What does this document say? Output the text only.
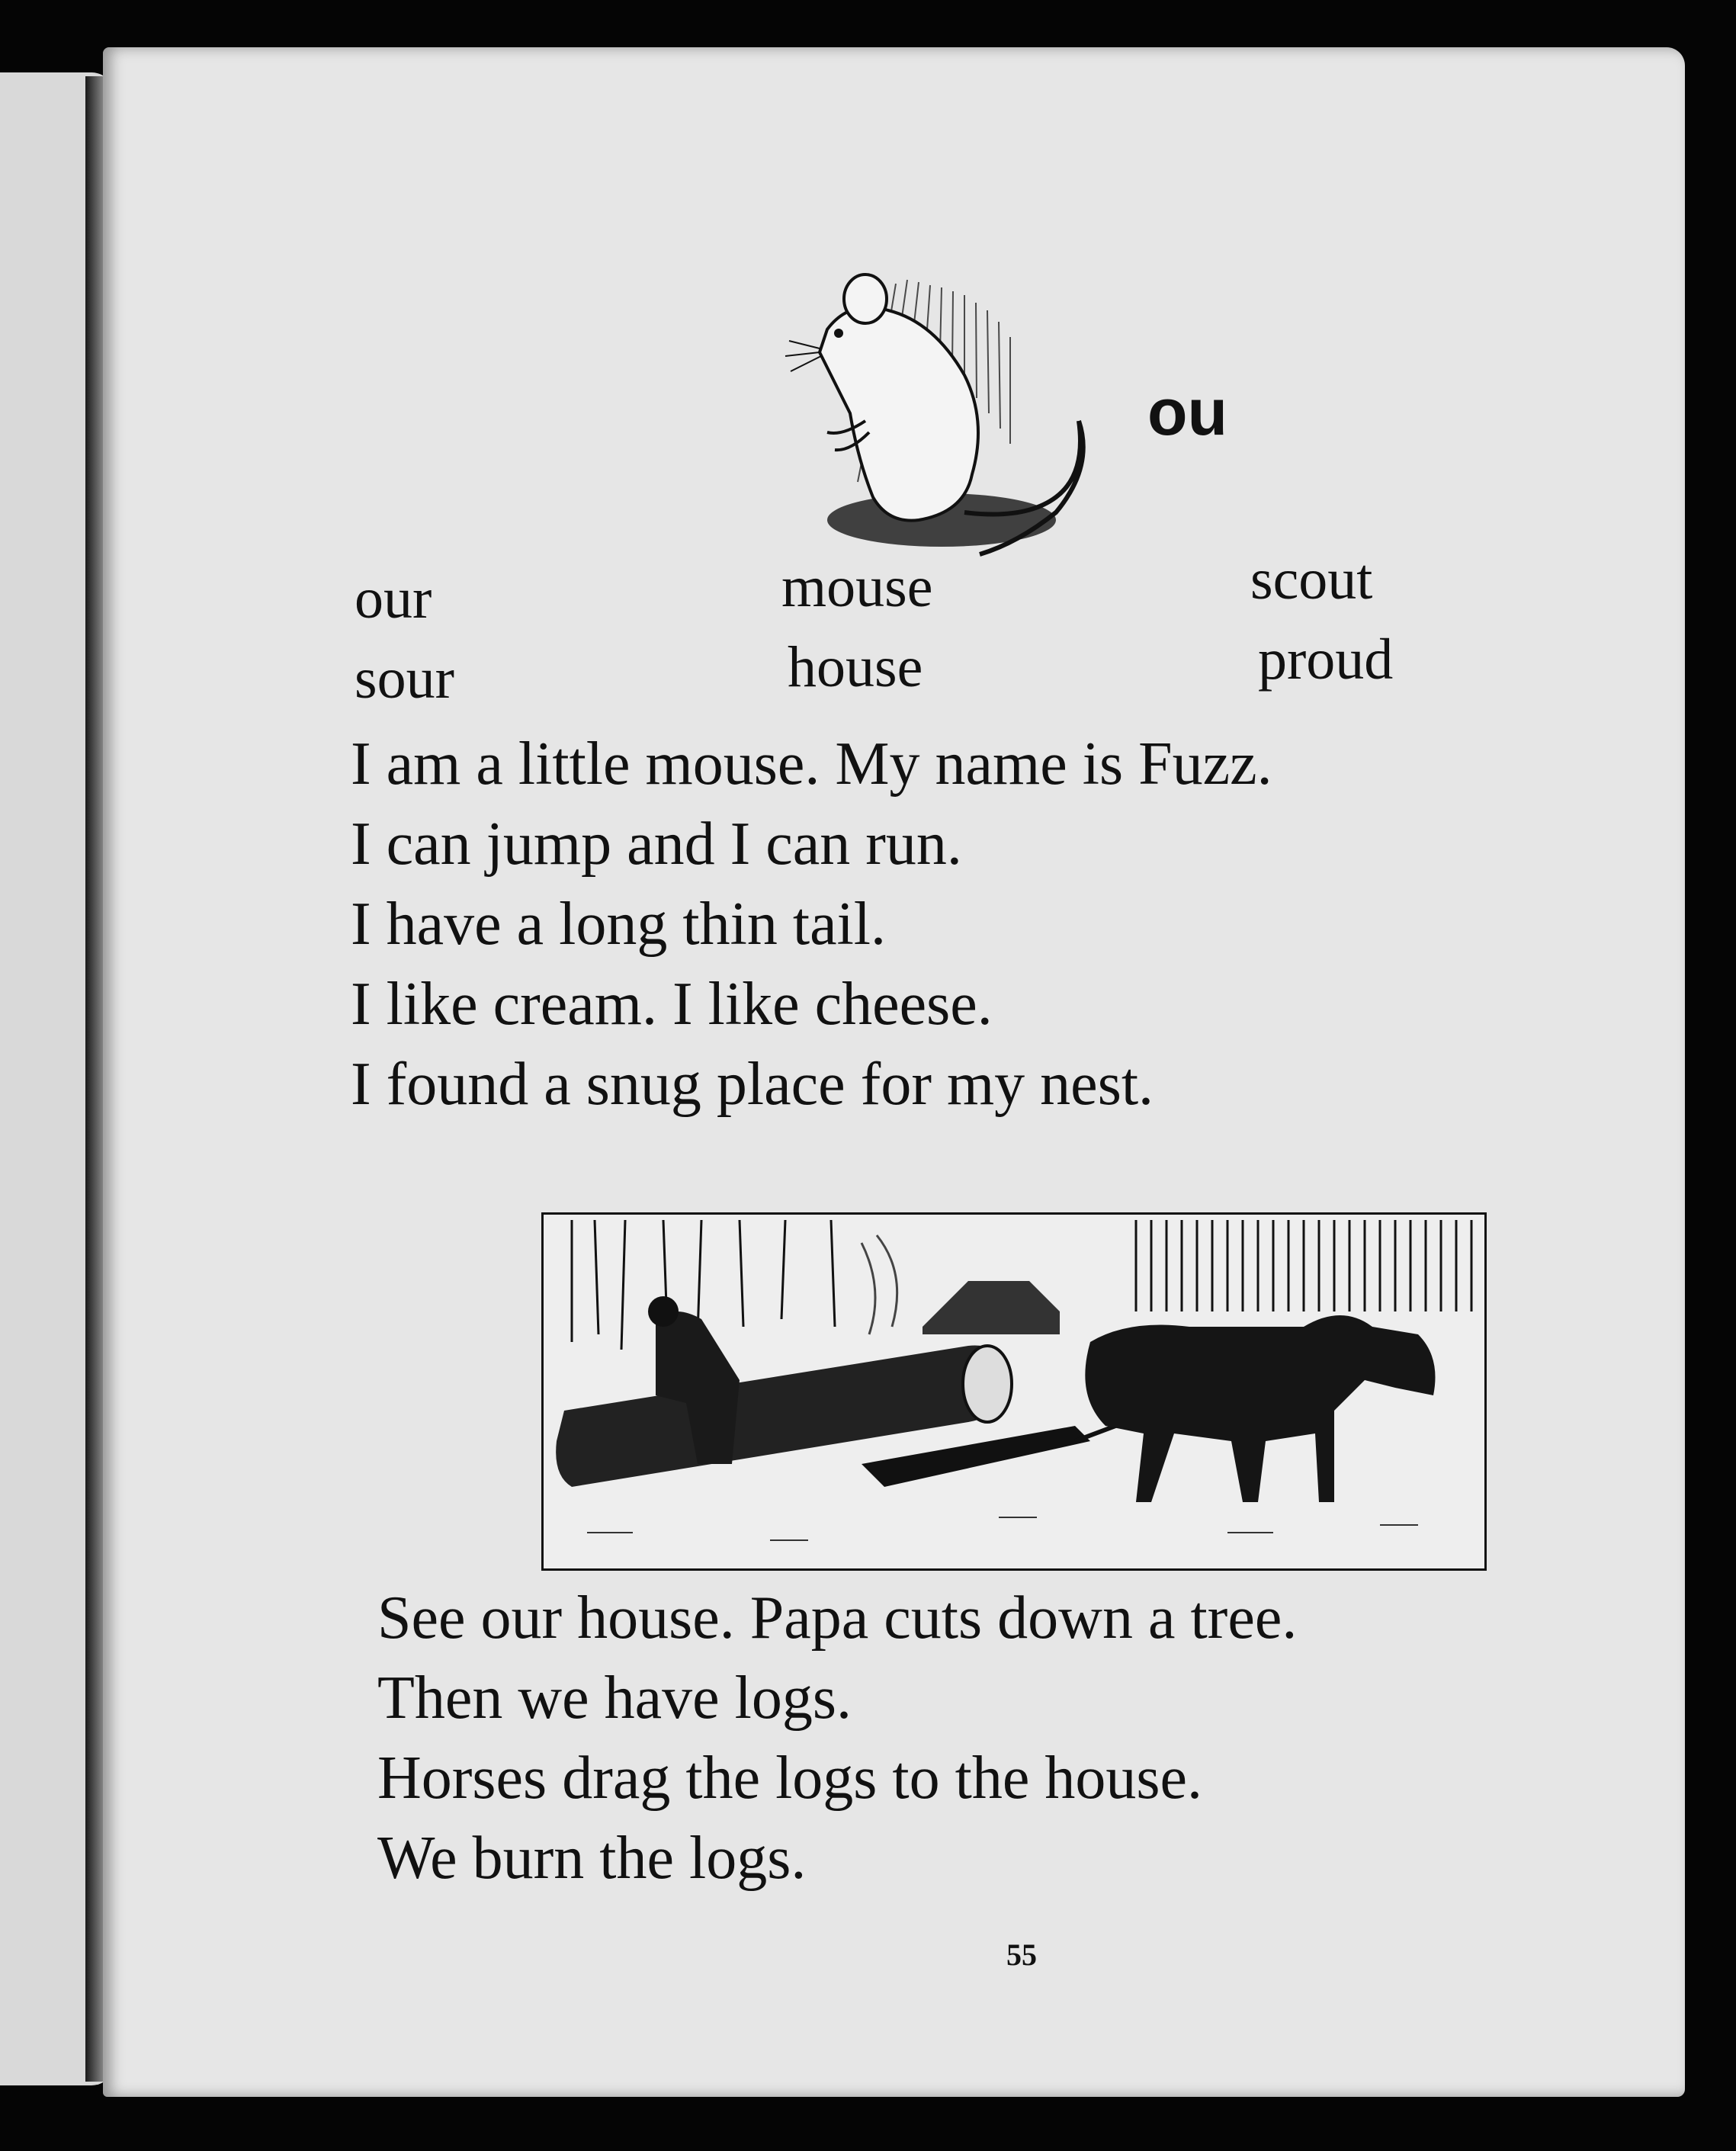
ou

our

sour

mouse

house

scout

proud

I am a little mouse. My name is Fuzz.

I can jump and I can run.

I have a long thin tail.

I like cream. I like cheese.

I found a snug place for my nest.

See our house. Papa cuts down a tree.

Then we have logs.

Horses drag the logs to the house.

We burn the logs.

55
